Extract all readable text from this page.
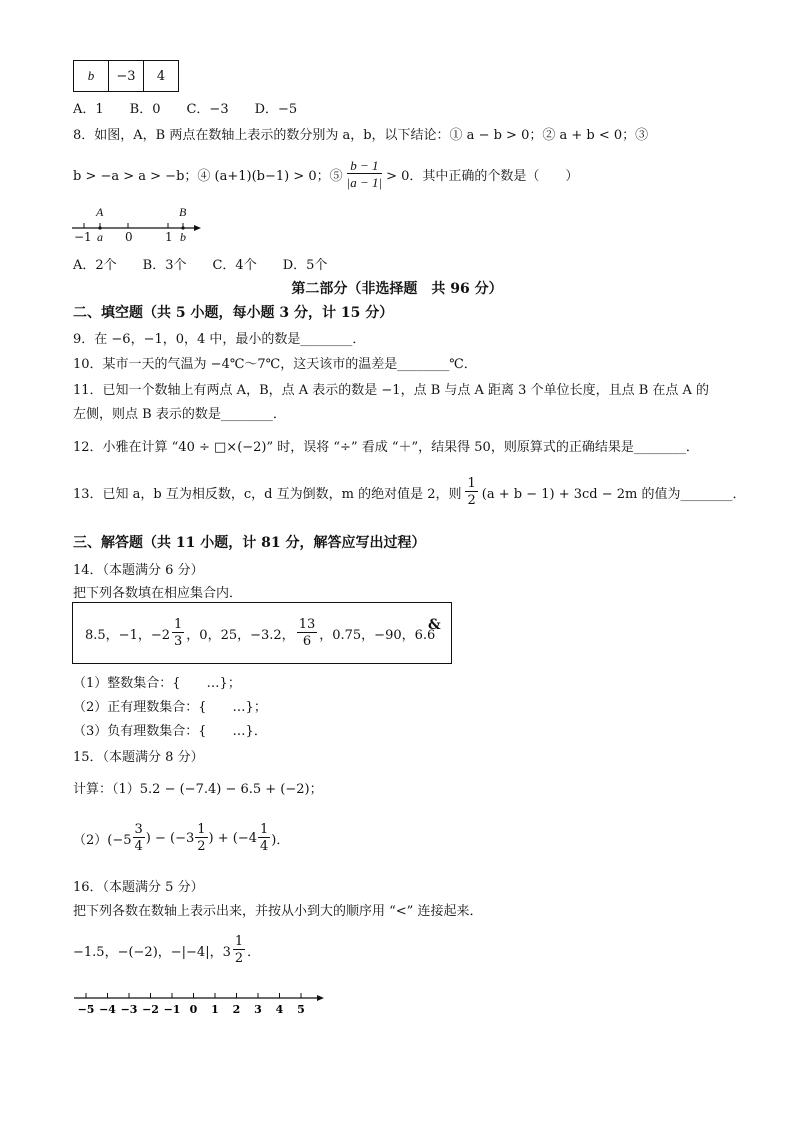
b	−3	4
A．1　　B．0　　C．−3　　D．−5
8．如图，A，B 两点在数轴上表示的数分别为 a，b，以下结论：① a − b > 0；② a + b < 0；③
b > −a > a > −b；④ (a+1)(b−1) > 0；⑤ $\frac{b - 1}{|a - 1|} > 0$．其中正确的个数是（　　）
A	B
−1 a 0	1 b
A．2个　　B．3个　　C．4个　　D．5个
第二部分（非选择题　共 96 分）
二、填空题（共 5 小题，每小题 3 分，计 15 分）
9．在 −6，−1，0，4 中，最小的数是________．
10．某市一天的气温为 −4℃～7℃，这天该市的温差是________℃．
11．已知一个数轴上有两点 A，B，点 A 表示的数是 −1，点 B 与点 A 距离 3 个单位长度，且点 B 在点 A 的
左侧，则点 B 表示的数是________．
12．小雅在计算 “40 ÷ □×(−2)” 时，误将 “÷” 看成 “＋”，结果得 50，则原算式的正确结果是________．
13．已知 a，b 互为相反数，c，d 互为倒数，m 的绝对值是 2，则 $\frac{1}{2} (a + b - 1) + 3cd - 2m$ 的值为________．
三、解答题（共 11 小题，计 81 分，解答应写出过程）
14．（本题满分 6 分）
把下列各数填在相应集合内．
8.5，−1，$-2 \frac{1}{3}$ ，0，25，−3.2， $\frac{13}{6}$ ，0.75，−90，6.6
&
（1）整数集合：{　　…}；
（2）正有理数集合：{　　…}；
（3）负有理数集合：{　　…}．
15．（本题满分 8 分）
计算：（1）5.2 − (−7.4) − 6.5 + (−2)；
$(2)(-5 \frac{3}{4}$ ) − ($-3 \frac{1}{2}$ ) + ($-4 \frac{1}{4}$ )．
16．（本题满分 5 分）
把下列各数在数轴上表示出来，并按从小到大的顺序用 “<” 连接起来．
−1.5，−(−2)，−|−4|，$3 \frac{1}{2}$ ．
−5 −4 −3 −2 −1 0 1 2 3 4 5
